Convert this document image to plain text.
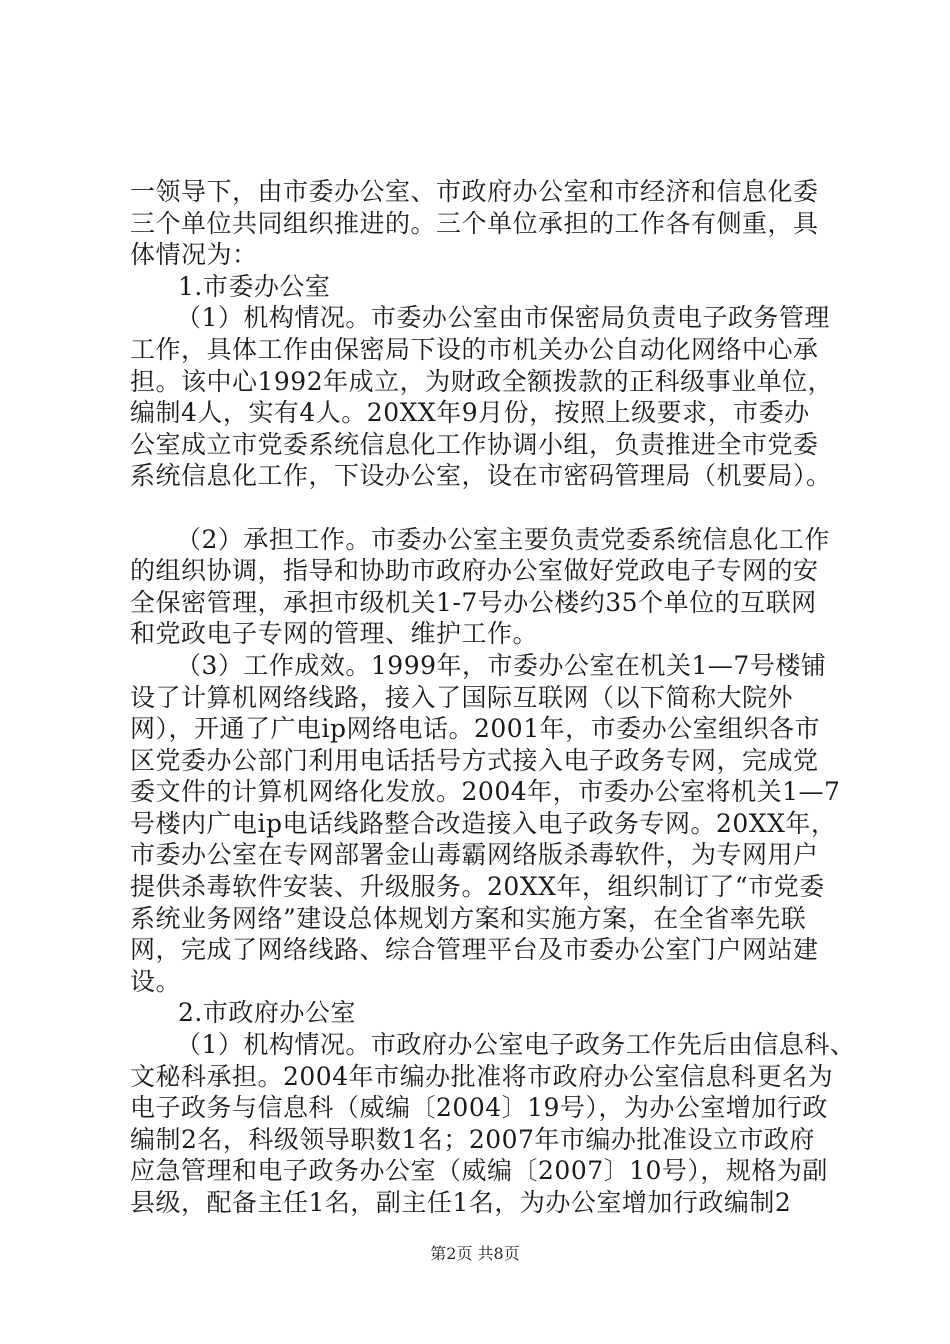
一领导下，由市委办公室、市政府办公室和市经济和信息化委
三个单位共同组织推进的。三个单位承担的工作各有侧重，具
体情况为：
1.市委办公室
（1）机构情况。市委办公室由市保密局负责电子政务管理
工作，具体工作由保密局下设的市机关办公自动化网络中心承
担。该中心1992年成立，为财政全额拨款的正科级事业单位，
编制4人，实有4人。20XX年9月份，按照上级要求，市委办
公室成立市党委系统信息化工作协调小组，负责推进全市党委
系统信息化工作，下设办公室，设在市密码管理局（机要局）。
（2）承担工作。市委办公室主要负责党委系统信息化工作
的组织协调，指导和协助市政府办公室做好党政电子专网的安
全保密管理，承担市级机关1-7号办公楼约35个单位的互联网
和党政电子专网的管理、维护工作。
（3）工作成效。1999年，市委办公室在机关1—7号楼铺
设了计算机网络线路，接入了国际互联网（以下简称大院外
网），开通了广电ip网络电话。2001年，市委办公室组织各市
区党委办公部门利用电话括号方式接入电子政务专网，完成党
委文件的计算机网络化发放。2004年，市委办公室将机关1—7
号楼内广电ip电话线路整合改造接入电子政务专网。20XX年，
市委办公室在专网部署金山毒霸网络版杀毒软件，为专网用户
提供杀毒软件安装、升级服务。20XX年，组织制订了“市党委
系统业务网络”建设总体规划方案和实施方案，在全省率先联
网，完成了网络线路、综合管理平台及市委办公室门户网站建
设。
2.市政府办公室
（1）机构情况。市政府办公室电子政务工作先后由信息科、
文秘科承担。2004年市编办批准将市政府办公室信息科更名为
电子政务与信息科（威编〔2004〕19号），为办公室增加行政
编制2名，科级领导职数1名；2007年市编办批准设立市政府
应急管理和电子政务办公室（威编〔2007〕10号），规格为副
县级，配备主任1名，副主任1名，为办公室增加行政编制2
第2页 共8页
